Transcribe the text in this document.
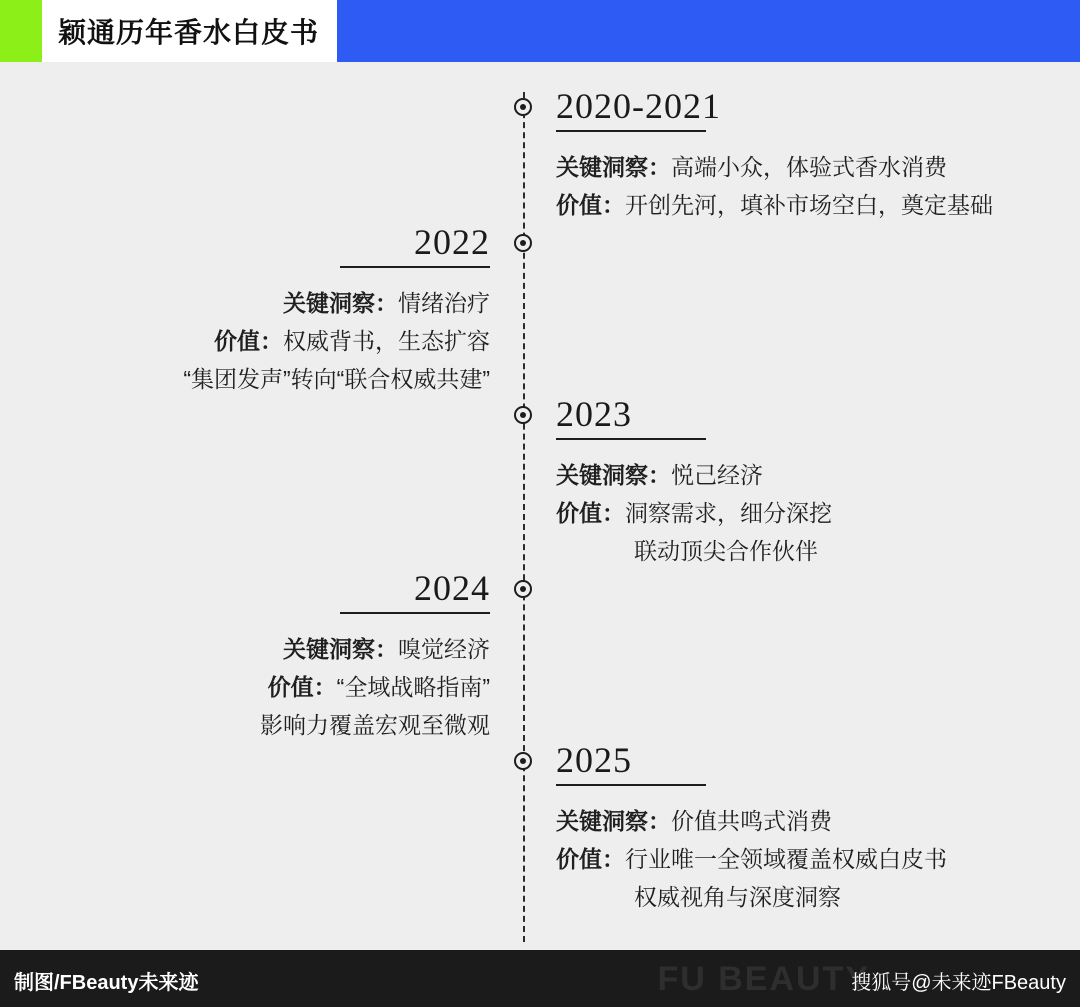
颖通历年香水白皮书
2020-2021
关键洞察：高端小众，体验式香水消费
价值：开创先河，填补市场空白，奠定基础
2022
关键洞察：情绪治疗
价值：权威背书，生态扩容
“集团发声”转向“联合权威共建”
2023
关键洞察：悦己经济
价值：洞察需求，细分深挖
联动顶尖合作伙伴
2024
关键洞察：嗅觉经济
价值：“全域战略指南”
影响力覆盖宏观至微观
2025
关键洞察：价值共鸣式消费
价值：行业唯一全领域覆盖权威白皮书
权威视角与深度洞察
FU BEAUTY
制图/FBeauty未来迹	搜狐号@未来迹FBeauty
